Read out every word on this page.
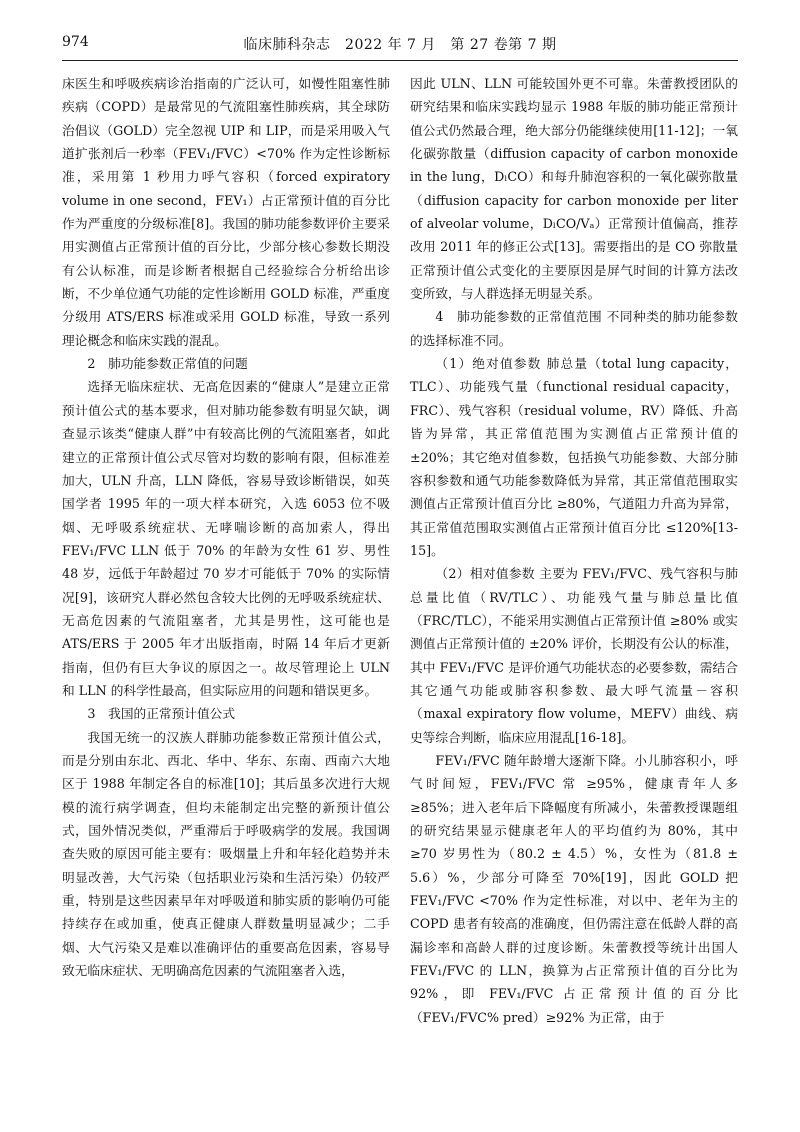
974	临床肺科杂志　2022 年 7 月　第 27 卷第 7 期

床医生和呼吸疾病诊治指南的广泛认可，如慢性阻塞性肺疾病（COPD）是最常见的气流阻塞性肺疾病，其全球防治倡议（GOLD）完全忽视 UIP 和 LIP，而是采用吸入气道扩张剂后一秒率（FEV₁/FVC）<70% 作为定性诊断标准，采用第 1 秒用力呼气容积（forced expiratory volume in one second，FEV₁）占正常预计值的百分比作为严重度的分级标准[8]。我国的肺功能参数评价主要采用实测值占正常预计值的百分比，少部分核心参数长期没有公认标准，而是诊断者根据自己经验综合分析给出诊断，不少单位通气功能的定性诊断用 GOLD 标准，严重度分级用 ATS/ERS 标准或采用 GOLD 标准，导致一系列理论概念和临床实践的混乱。

2　肺功能参数正常值的问题

选择无临床症状、无高危因素的“健康人”是建立正常预计值公式的基本要求，但对肺功能参数有明显欠缺，调查显示该类“健康人群”中有较高比例的气流阻塞者，如此建立的正常预计值公式尽管对均数的影响有限，但标准差加大，ULN 升高，LLN 降低，容易导致诊断错误，如英国学者 1995 年的一项大样本研究，入选 6053 位不吸烟、无呼吸系统症状、无哮喘诊断的高加索人，得出 FEV₁/FVC LLN 低于 70% 的年龄为女性 61 岁、男性 48 岁，远低于年龄超过 70 岁才可能低于 70% 的实际情况[9]，该研究人群必然包含较大比例的无呼吸系统症状、无高危因素的气流阻塞者，尤其是男性，这可能也是 ATS/ERS 于 2005 年才出版指南，时隔 14 年后才更新指南，但仍有巨大争议的原因之一。故尽管理论上 ULN 和 LLN 的科学性最高，但实际应用的问题和错误更多。

3　我国的正常预计值公式

我国无统一的汉族人群肺功能参数正常预计值公式，而是分别由东北、西北、华中、华东、东南、西南六大地区于 1988 年制定各自的标准[10]；其后虽多次进行大规模的流行病学调查，但均未能制定出完整的新预计值公式，国外情况类似，严重滞后于呼吸病学的发展。我国调查失败的原因可能主要有：吸烟量上升和年轻化趋势并未明显改善，大气污染（包括职业污染和生活污染）仍较严重，特别是这些因素早年对呼吸道和肺实质的影响仍可能持续存在或加重，使真正健康人群数量明显减少；二手烟、大气污染又是难以准确评估的重要高危因素，容易导致无临床症状、无明确高危因素的气流阻塞者入选，

因此 ULN、LLN 可能较国外更不可靠。朱蕾教授团队的研究结果和临床实践均显示 1988 年版的肺功能正常预计值公式仍然最合理，绝大部分仍能继续使用[11-12]；一氧化碳弥散量（diffusion capacity of carbon monoxide in the lung，DₗCO）和每升肺泡容积的一氧化碳弥散量（diffusion capacity for carbon monoxide per liter of alveolar volume，DₗCO/Vₐ）正常预计值偏高，推荐改用 2011 年的修正公式[13]。需要指出的是 CO 弥散量正常预计值公式变化的主要原因是屏气时间的计算方法改变所致，与人群选择无明显关系。

4　肺功能参数的正常值范围 不同种类的肺功能参数的选择标准不同。

（1）绝对值参数 肺总量（total lung capacity，TLC）、功能残气量（functional residual capacity，FRC）、残气容积（residual volume，RV）降低、升高皆为异常，其正常值范围为实测值占正常预计值的 ±20%；其它绝对值参数，包括换气功能参数、大部分肺容积参数和通气功能参数降低为异常，其正常值范围取实测值占正常预计值百分比 ≥80%，气道阻力升高为异常，其正常值范围取实测值占正常预计值百分比 ≤120%[13-15]。

（2）相对值参数 主要为 FEV₁/FVC、残气容积与肺总量比值（RV/TLC）、功能残气量与肺总量比值（FRC/TLC），不能采用实测值占正常预计值 ≥80% 或实测值占正常预计值的 ±20% 评价，长期没有公认的标准，其中 FEV₁/FVC 是评价通气功能状态的必要参数，需结合其它通气功能或肺容积参数、最大呼气流量－容积（maxal expiratory flow volume，MEFV）曲线、病史等综合判断，临床应用混乱[16-18]。

FEV₁/FVC 随年龄增大逐渐下降。小儿肺容积小，呼气时间短，FEV₁/FVC 常 ≥95%，健康青年人多 ≥85%；进入老年后下降幅度有所减小，朱蕾教授课题组的研究结果显示健康老年人的平均值约为 80%，其中 ≥70 岁男性为（80.2 ± 4.5）%，女性为（81.8 ± 5.6）%，少部分可降至 70%[19]，因此 GOLD 把 FEV₁/FVC <70% 作为定性标准，对以中、老年为主的 COPD 患者有较高的准确度，但仍需注意在低龄人群的高漏诊率和高龄人群的过度诊断。朱蕾教授等统计出国人 FEV₁/FVC 的 LLN，换算为占正常预计值的百分比为 92%，即 FEV₁/FVC 占正常预计值的百分比（FEV₁/FVC% pred）≥92% 为正常，由于
